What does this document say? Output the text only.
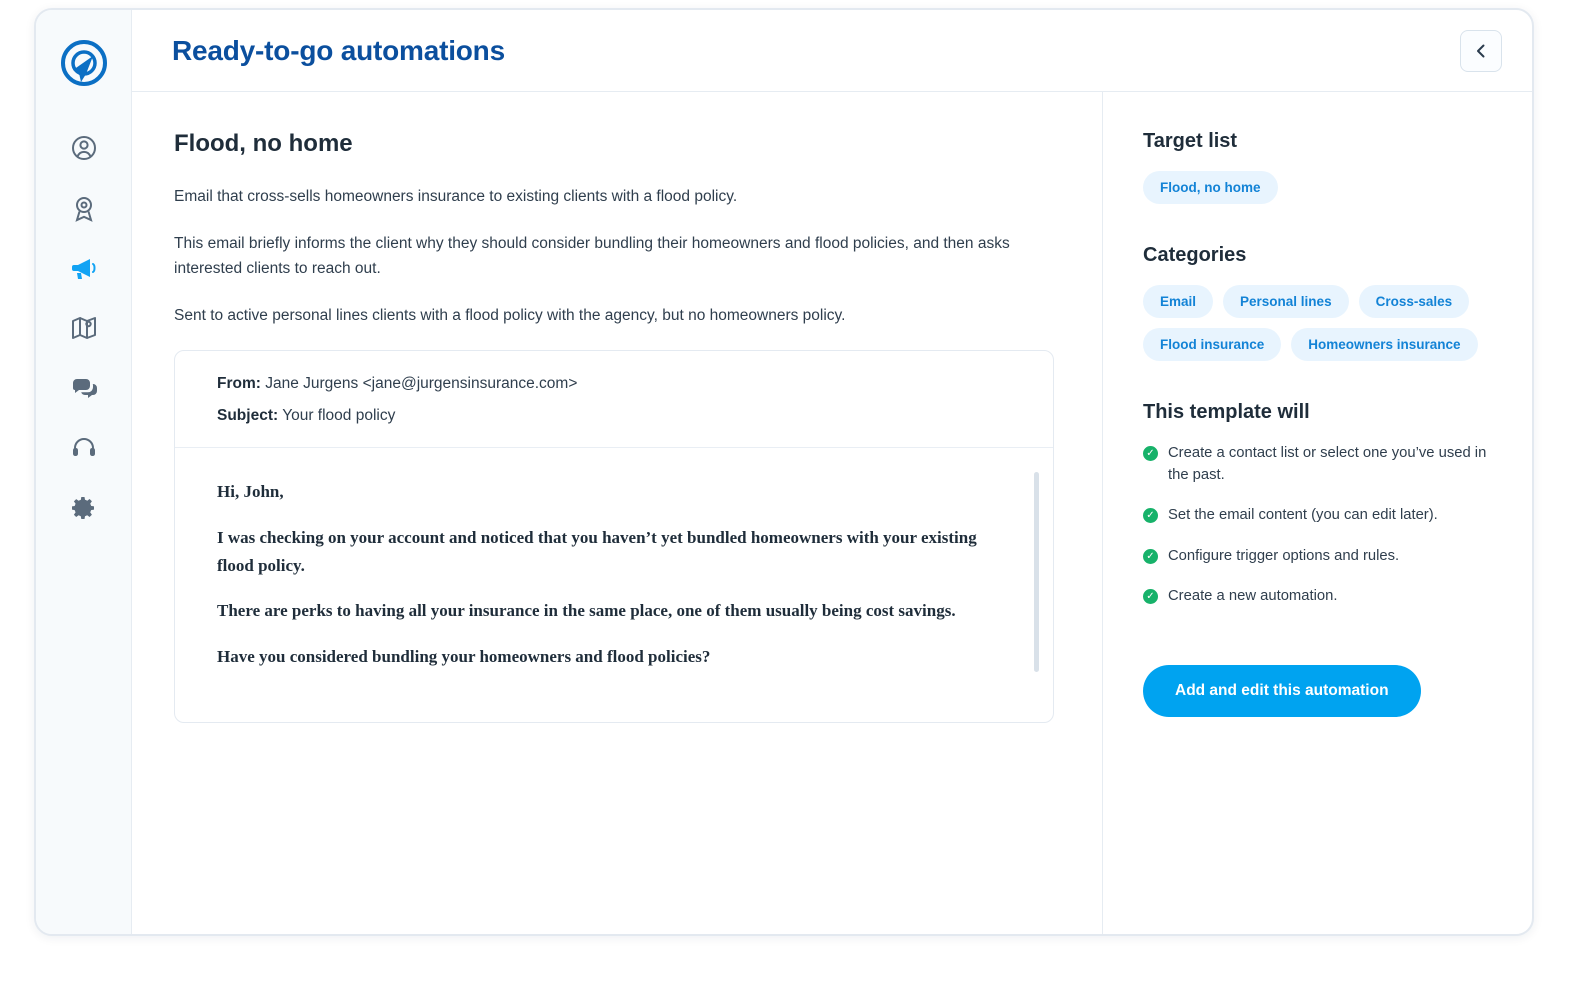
Ready-to-go automations
Flood, no home

Email that cross-sells homeowners insurance to existing clients with a flood policy.

This email briefly informs the client why they should consider bundling their homeowners and flood policies, and then asks interested clients to reach out.

Sent to active personal lines clients with a flood policy with the agency, but no homeowners policy.

From: Jane Jurgens <jane@jurgensinsurance.com>
Subject: Your flood policy

Hi, John,

I was checking on your account and noticed that you haven’t yet bundled homeowners with your existing flood policy.

There are perks to having all your insurance in the same place, one of them usually being cost savings.

Have you considered bundling your homeowners and flood policies?

Target list
Flood, no home
Categories
Email	Personal lines	Cross-sales
Flood insurance	Homeowners insurance
This template will
✓ Create a contact list or select one you’ve used in the past.
✓ Set the email content (you can edit later).
✓ Configure trigger options and rules.
✓ Create a new automation.
Add and edit this automation
